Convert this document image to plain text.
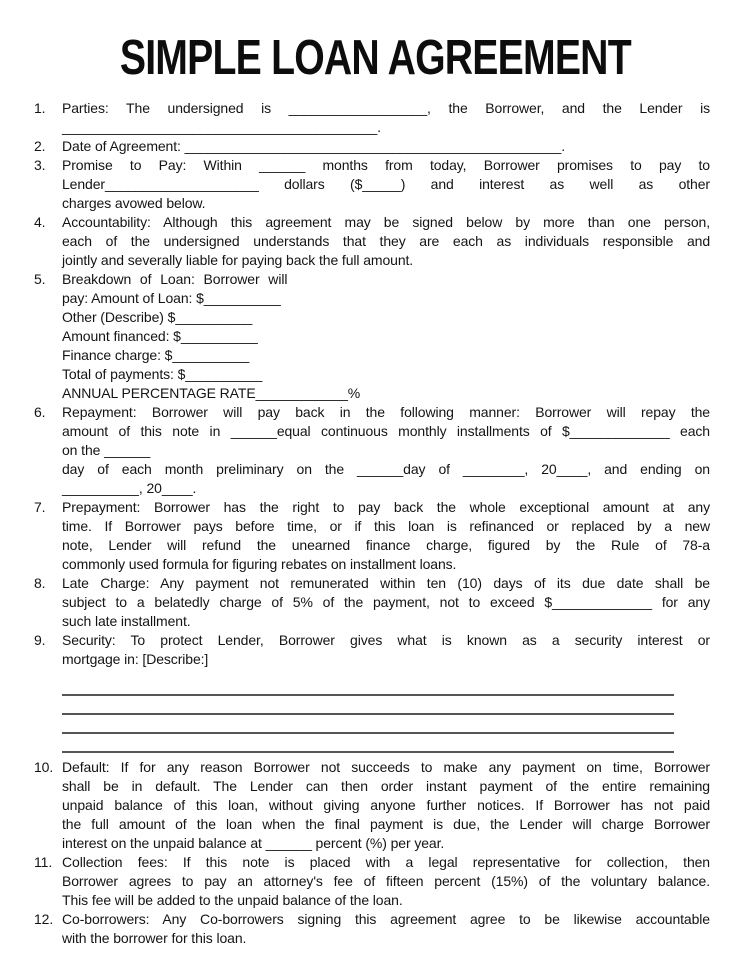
SIMPLE LOAN AGREEMENT
1. Parties: The undersigned is __________________, the Borrower, and the Lender is
_________________________________________.
2. Date of Agreement: _________________________________________________.
3. Promise to Pay: Within ______ months from today, Borrower promises to pay to
Lender____________________ dollars ($_____) and interest as well as other
charges avowed below.
4. Accountability: Although this agreement may be signed below by more than one person,
each of the undersigned understands that they are each as individuals responsible and
jointly and severally liable for paying back the full amount.
5. Breakdown of Loan: Borrower will
pay: Amount of Loan: $__________
Other (Describe) $__________
Amount financed: $__________
Finance charge: $__________
Total of payments: $__________
ANNUAL PERCENTAGE RATE____________%
6. Repayment: Borrower will pay back in the following manner: Borrower will repay the
amount of this note in ______equal continuous monthly installments of $_____________ each
on the ______
day of each month preliminary on the ______day of ________, 20____, and ending on
__________, 20____.
7. Prepayment: Borrower has the right to pay back the whole exceptional amount at any
time. If Borrower pays before time, or if this loan is refinanced or replaced by a new
note, Lender will refund the unearned finance charge, figured by the Rule of 78-a
commonly used formula for figuring rebates on installment loans.
8. Late Charge: Any payment not remunerated within ten (10) days of its due date shall be
subject to a belatedly charge of 5% of the payment, not to exceed $_____________ for any
such late installment.
9. Security: To protect Lender, Borrower gives what is known as a security interest or
mortgage in: [Describe:]
10. Default: If for any reason Borrower not succeeds to make any payment on time, Borrower
shall be in default. The Lender can then order instant payment of the entire remaining
unpaid balance of this loan, without giving anyone further notices. If Borrower has not paid
the full amount of the loan when the final payment is due, the Lender will charge Borrower
interest on the unpaid balance at ______ percent (%) per year.
11. Collection fees: If this note is placed with a legal representative for collection, then
Borrower agrees to pay an attorney's fee of fifteen percent (15%) of the voluntary balance.
This fee will be added to the unpaid balance of the loan.
12. Co-borrowers: Any Co-borrowers signing this agreement agree to be likewise accountable
with the borrower for this loan.
